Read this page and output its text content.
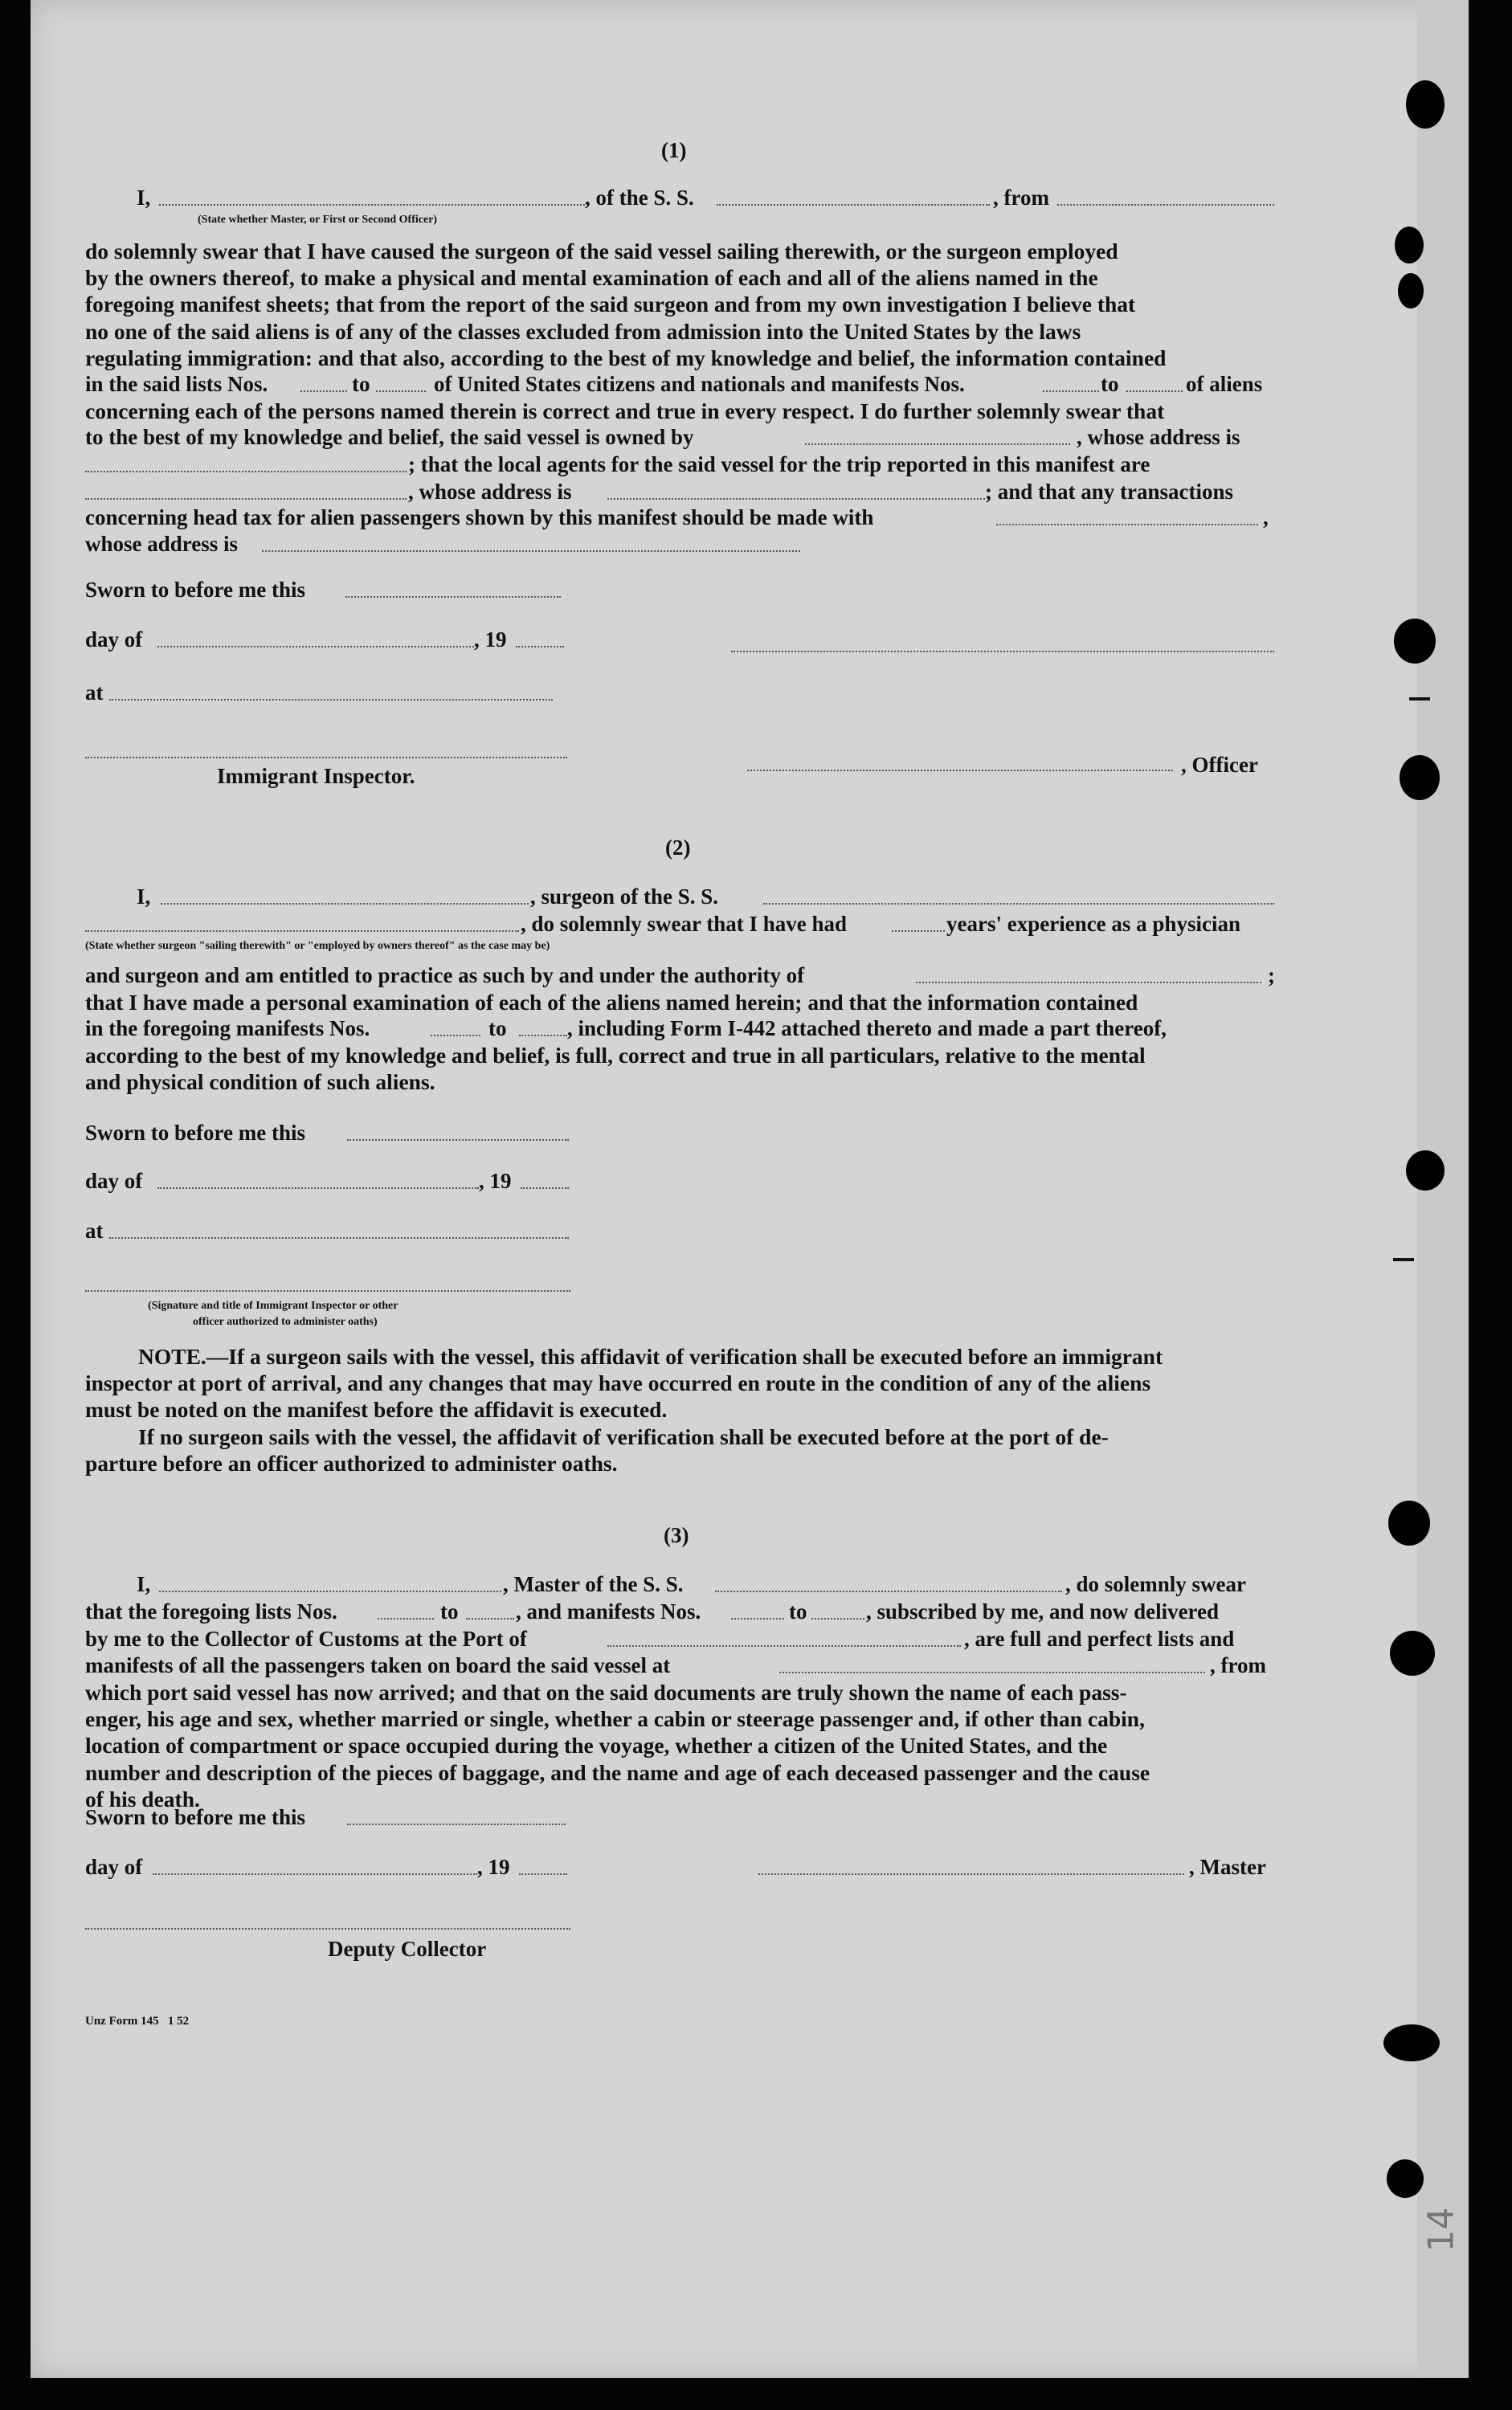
14
(1)
I,	, of the S. S.	, from
(State whether Master, or First or Second Officer)

do solemnly swear that I have caused the surgeon of the said vessel sailing therewith, or the surgeon employed

by the owners thereof, to make a physical and mental examination of each and all of the aliens named in the

foregoing manifest sheets; that from the report of the said surgeon and from my own investigation I believe that

no one of the said aliens is of any of the classes excluded from admission into the United States by the laws

regulating immigration: and that also, according to the best of my knowledge and belief, the information contained

in the said lists Nos.	to	of United States citizens and nationals and manifests Nos.	to	of aliens

concerning each of the persons named therein is correct and true in every respect. I do further solemnly swear that

to the best of my knowledge and belief, the said vessel is owned by	, whose address is
; that the local agents for the said vessel for the trip reported in this manifest are
, whose address is	; and that any transactions
concerning head tax for alien passengers shown by this manifest should be made with	,
whose address is
Sworn to before me this
day of	, 19
at
Immigrant Inspector.	, Officer
(2)
I,	, surgeon of the S. S.
, do solemnly swear that I have had	years' experience as a physician
(State whether surgeon "sailing therewith" or "employed by owners thereof" as the case may be)
and surgeon and am entitled to practice as such by and under the authority of	;

that I have made a personal examination of each of the aliens named herein; and that the information contained

in the foregoing manifests Nos.	to	, including Form I-442 attached thereto and made a part thereof,

according to the best of my knowledge and belief, is full, correct and true in all particulars, relative to the mental

and physical condition of such aliens.

Sworn to before me this
day of	, 19
at
(Signature and title of Immigrant Inspector or other
officer authorized to administer oaths)

NOTE.—If a surgeon sails with the vessel, this affidavit of verification shall be executed before an immigrant

inspector at port of arrival, and any changes that may have occurred en route in the condition of any of the aliens

must be noted on the manifest before the affidavit is executed.

If no surgeon sails with the vessel, the affidavit of verification shall be executed before at the port of de-

parture before an officer authorized to administer oaths.

(3)
I,	, Master of the S. S.	, do solemnly swear
that the foregoing lists Nos.	to	, and manifests Nos.	to	, subscribed by me, and now delivered
by me to the Collector of Customs at the Port of	, are full and perfect lists and
manifests of all the passengers taken on board the said vessel at	, from

which port said vessel has now arrived; and that on the said documents are truly shown the name of each pass-

enger, his age and sex, whether married or single, whether a cabin or steerage passenger and, if other than cabin,

location of compartment or space occupied during the voyage, whether a citizen of the United States, and the

number and description of the pieces of baggage, and the name and age of each deceased passenger and the cause

of his death.

Sworn to before me this
day of	, 19	, Master
Deputy Collector
Unz Form 145   1 52
